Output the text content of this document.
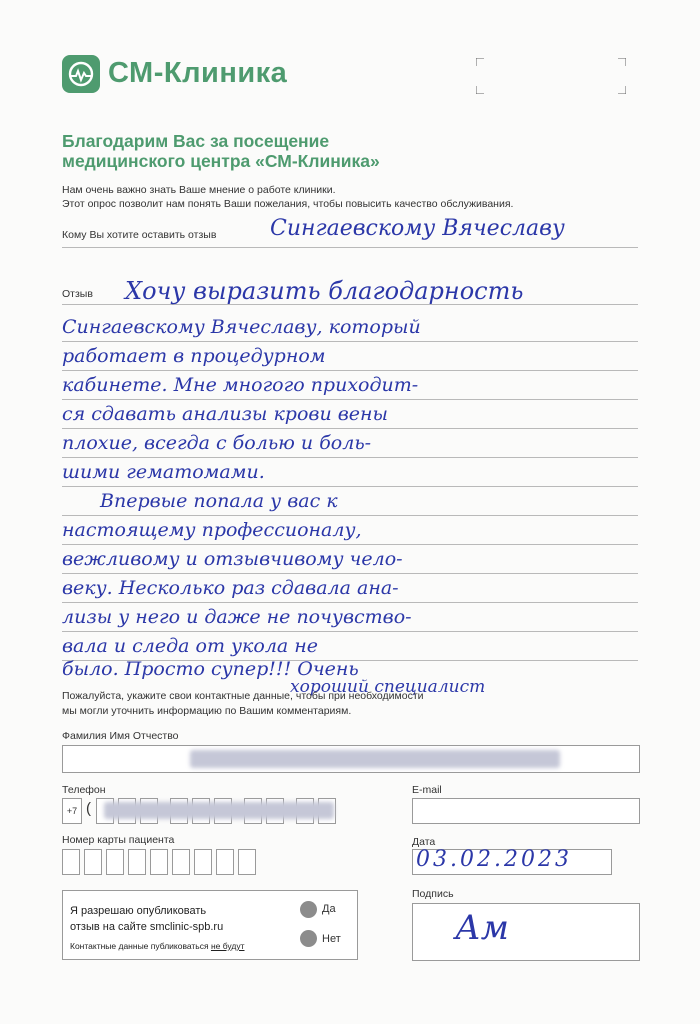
СМ-Клиника
Благодарим Вас за посещение
медицинского центра «СМ-Клиника»
Нам очень важно знать Ваше мнение о работе клиники.
Этот опрос позволит нам понять Ваши пожелания, чтобы повысить качество обслуживания.
Кому Вы хотите оставить отзыв Сингаевскому Вячеславу
Отзыв Хочу выразить благодарность
Сингаевскому Вячеславу, который
работает в процедурном
кабинете. Мне многого приходит-
ся сдавать анализы крови вены
плохие, всегда с болью и боль-
шими гематомами.
Впервые попала у вас к
настоящему профессионалу,
вежливому и отзывчивому чело-
веку. Несколько раз сдавала ана-
лизы у него и даже не почувство-
вала и следа от укола не
было. Просто супер!!! Очень
хороший специалист
Пожалуйста, укажите свои контактные данные, чтобы при необходимости
мы могли уточнить информацию по Вашим комментариям.
Фамилия Имя Отчество
Телефон
+7 (
E-mail
Номер карты пациента	Дата
03.02.2023
Я разрешаю опубликовать
отзыв на сайте smclinic-spb.ru
Контактные данные публиковаться не будут
Да
Нет
Подпись
Ам
